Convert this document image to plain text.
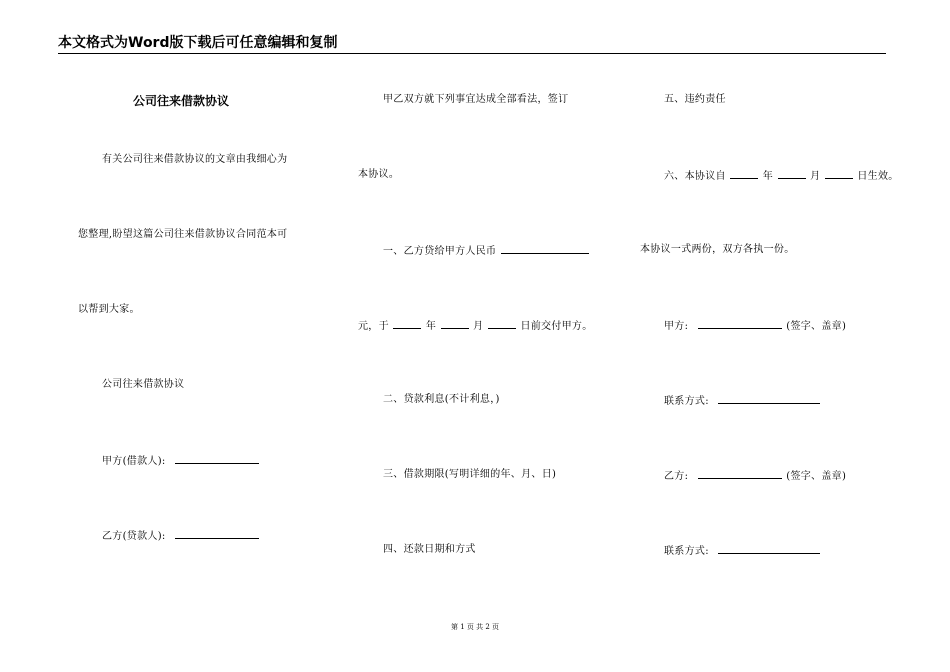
本文格式为Word版下载后可任意编辑和复制
公司往来借款协议
有关公司往来借款协议的文章由我细心为
您整理,盼望这篇公司往来借款协议合同范本可
以帮到大家。
公司往来借款协议
甲方(借款人):
乙方(贷款人):
甲乙双方就下列事宜达成全部看法，签订
本协议。
一、乙方贷给甲方人民币
元，于	年	月	日前交付甲方。
二、贷款利息(不计利息，)
三、借款期限(写明详细的年、月、日)
四、还款日期和方式
五、违约责任
六、本协议自	年	月	日生效。
本协议一式两份，双方各执一份。
甲方:	(签字、盖章)
联系方式:
乙方:	(签字、盖章)
联系方式:
第 1 页 共 2 页
